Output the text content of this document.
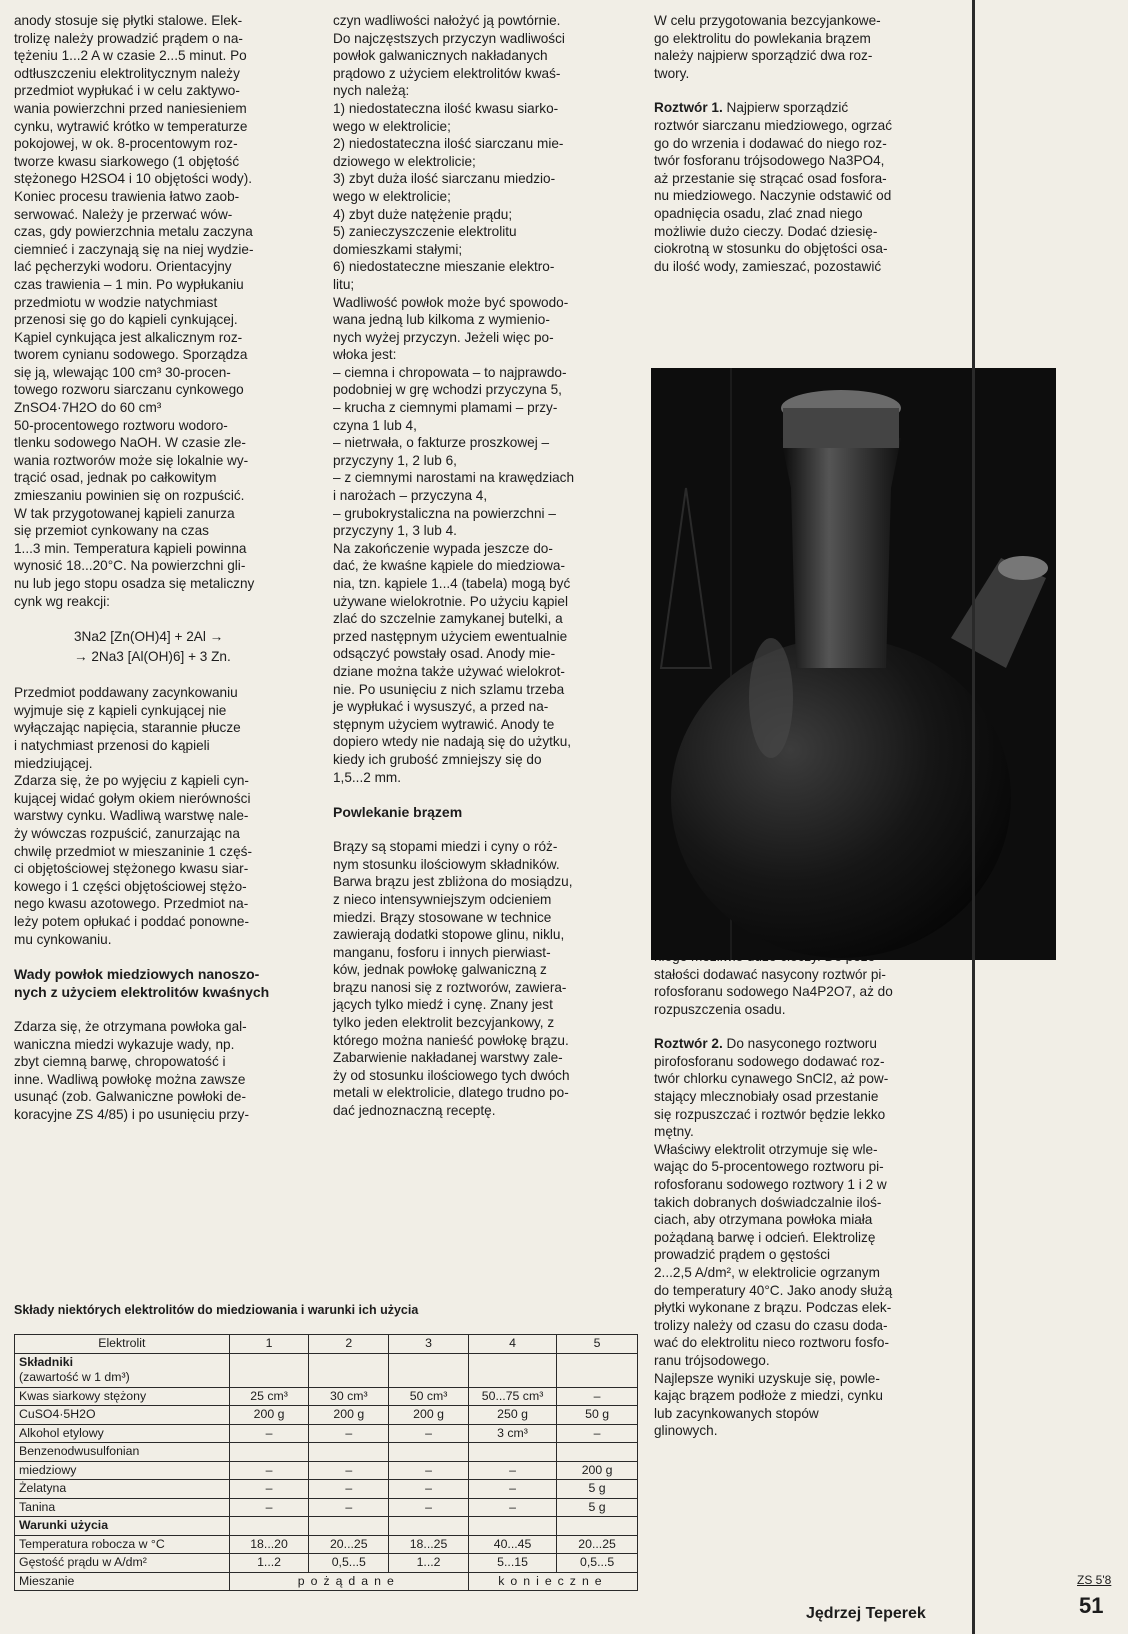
anody stosuje się płytki stalowe. Elek-
trolizę należy prowadzić prądem o na-
tężeniu 1...2 A w czasie 2...5 minut. Po
odtłuszczeniu elektrolitycznym należy
przedmiot wypłukać i w celu zaktywo-
wania powierzchni przed naniesieniem
cynku, wytrawić krótko w temperaturze
pokojowej, w ok. 8-procentowym roz-
tworze kwasu siarkowego (1 objętość
stężonego H2SO4 i 10 objętości wody).
Koniec procesu trawienia łatwo zaob-
serwować. Należy je przerwać wów-
czas, gdy powierzchnia metalu zaczyna
ciemnieć i zaczynają się na niej wydzie-
lać pęcherzyki wodoru. Orientacyjny
czas trawienia – 1 min. Po wypłukaniu
przedmiotu w wodzie natychmiast
przenosi się go do kąpieli cynkującej.
Kąpiel cynkująca jest alkalicznym roz-
tworem cynianu sodowego. Sporządza
się ją, wlewając 100 cm³ 30-procen-
towego rozworu siarczanu cynkowego
ZnSO4·7H2O do 60 cm³
50-procentowego roztworu wodoro-
tlenku sodowego NaOH. W czasie zle-
wania roztworów może się lokalnie wy-
trącić osad, jednak po całkowitym
zmieszaniu powinien się on rozpuścić.
W tak przygotowanej kąpieli zanurza
się przemiot cynkowany na czas
1...3 min. Temperatura kąpieli powinna
wynosić 18...20°C. Na powierzchni gli-
nu lub jego stopu osadza się metaliczny
cynk wg reakcji:
3Na2 [Zn(OH)4] + 2Al →
→ 2Na3 [Al(OH)6] + 3 Zn.
Przedmiot poddawany zacynkowaniu
wyjmuje się z kąpieli cynkującej nie
wyłączając napięcia, starannie płucze
i natychmiast przenosi do kąpieli
miedziującej.
Zdarza się, że po wyjęciu z kąpieli cyn-
kującej widać gołym okiem nierówności
warstwy cynku. Wadliwą warstwę nale-
ży wówczas rozpuścić, zanurzając na
chwilę przedmiot w mieszaninie 1 częś-
ci objętościowej stężonego kwasu siar-
kowego i 1 części objętościowej stężo-
nego kwasu azotowego. Przedmiot na-
leży potem opłukać i poddać ponowne-
mu cynkowaniu.
Wady powłok miedziowych nanoszo-
nych z użyciem elektrolitów kwaśnych
Zdarza się, że otrzymana powłoka gal-
waniczna miedzi wykazuje wady, np.
zbyt ciemną barwę, chropowatość i
inne. Wadliwą powłokę można zawsze
usunąć (zob. Galwaniczne powłoki de-
koracyjne ZS 4/85) i po usunięciu przy-
czyn wadliwości nałożyć ją powtórnie.
Do najczęstszych przyczyn wadliwości
powłok galwanicznych nakładanych
prądowo z użyciem elektrolitów kwaś-
nych należą:
1) niedostateczna ilość kwasu siarko-
wego w elektrolicie;
2) niedostateczna ilość siarczanu mie-
dziowego w elektrolicie;
3) zbyt duża ilość siarczanu miedzio-
wego w elektrolicie;
4) zbyt duże natężenie prądu;
5) zanieczyszczenie elektrolitu
domieszkami stałymi;
6) niedostateczne mieszanie elektro-
litu;
Wadliwość powłok może być spowodo-
wana jedną lub kilkoma z wymienio-
nych wyżej przyczyn. Jeżeli więc po-
włoka jest:
– ciemna i chropowata – to najprawdo-
podobniej w grę wchodzi przyczyna 5,
– krucha z ciemnymi plamami – przy-
czyna 1 lub 4,
– nietrwała, o fakturze proszkowej –
przyczyny 1, 2 lub 6,
– z ciemnymi narostami na krawędziach
i narożach – przyczyna 4,
– grubokrystaliczna na powierzchni –
przyczyny 1, 3 lub 4.
Na zakończenie wypada jeszcze do-
dać, że kwaśne kąpiele do miedziowa-
nia, tzn. kąpiele 1...4 (tabela) mogą być
używane wielokrotnie. Po użyciu kąpiel
zlać do szczelnie zamykanej butelki, a
przed następnym użyciem ewentualnie
odsączyć powstały osad. Anody mie-
dziane można także używać wielokrot-
nie. Po usunięciu z nich szlamu trzeba
je wypłukać i wysuszyć, a przed na-
stępnym użyciem wytrawić. Anody te
dopiero wtedy nie nadają się do użytku,
kiedy ich grubość zmniejszy się do
1,5...2 mm.
Powlekanie brązem
Brązy są stopami miedzi i cyny o róż-
nym stosunku ilościowym składników.
Barwa brązu jest zbliżona do mosiądzu,
z nieco intensywniejszym odcieniem
miedzi. Brązy stosowane w technice
zawierają dodatki stopowe glinu, niklu,
manganu, fosforu i innych pierwiast-
ków, jednak powłokę galwaniczną z
brązu nanosi się z roztworów, zawiera-
jących tylko miedź i cynę. Znany jest
tylko jeden elektrolit bezcyjankowy, z
którego można nanieść powłokę brązu.
Zabarwienie nakładanej warstwy zale-
ży od stosunku ilościowego tych dwóch
metali w elektrolicie, dlatego trudno po-
dać jednoznaczną receptę.
W celu przygotowania bezcyjankowe-
go elektrolitu do powlekania brązem
należy najpierw sporządzić dwa roz-
twory.
Roztwór 1. Najpierw sporządzić
roztwór siarczanu miedziowego, ogrzać
go do wrzenia i dodawać do niego roz-
twór fosforanu trójsodowego Na3PO4,
aż przestanie się strącać osad fosfora-
nu miedziowego. Naczynie odstawić od
opadnięcia osadu, zlać znad niego
możliwie dużo cieczy. Dodać dziesię-
ciokrotną w stosunku do objętości osa-
du ilość wody, zamieszać, pozostawić
stałości dodawać nasycony roztwór pi-
rofosforanu sodowego Na4P2O7, aż do
rozpuszczenia osadu.
Roztwór 2. Do nasyconego roztworu
pirofosforanu sodowego dodawać roz-
twór chlorku cynawego SnCl2, aż pow-
stający mlecznobiały osad przestanie
się rozpuszczać i roztwór będzie lekko
mętny.
Właściwy elektrolit otrzymuje się wle-
wając do 5-procentowego roztworu pi-
rofosforanu sodowego roztwory 1 i 2 w
takich dobranych doświadczalnie iloś-
ciach, aby otrzymana powłoka miała
pożądaną barwę i odcień. Elektrolizę
prowadzić prądem o gęstości
2...2,5 A/dm², w elektrolicie ogrzanym
do temperatury 40°C. Jako anody służą
płytki wykonane z brązu. Podczas elek-
trolizy należy od czasu do czasu doda-
wać do elektrolitu nieco roztworu fosfo-
ranu trójsodowego.
Najlepsze wyniki uzyskuje się, powle-
kając brązem podłoże z miedzi, cynku
lub zacynkowanych stopów
glinowych.
Składy niektórych elektrolitów do miedziowania i warunki ich użycia
Elektrolit	1	2	3	4	5
Składniki
(zawartość w 1 dm³)					
Kwas siarkowy stężony	25 cm³	30 cm³	50 cm³	50...75 cm³	–
CuSO4·5H2O	200 g	200 g	200 g	250 g	50 g
Alkohol etylowy	–	–	–	3 cm³	–
Benzenodwusulfonian					
miedziowy	–	–	–	–	200 g
Żelatyna	–	–	–	–	5 g
Tanina	–	–	–	–	5 g
Warunki użycia					
Temperatura robocza w °C	18...20	20...25	18...25	40...45	20...25
Gęstość prądu w A/dm²	1...2	0,5...5	1...2	5...15	0,5...5
Mieszanie	pożądane			konieczne	
Jędrzej Teperek
ZS 5'8
51
